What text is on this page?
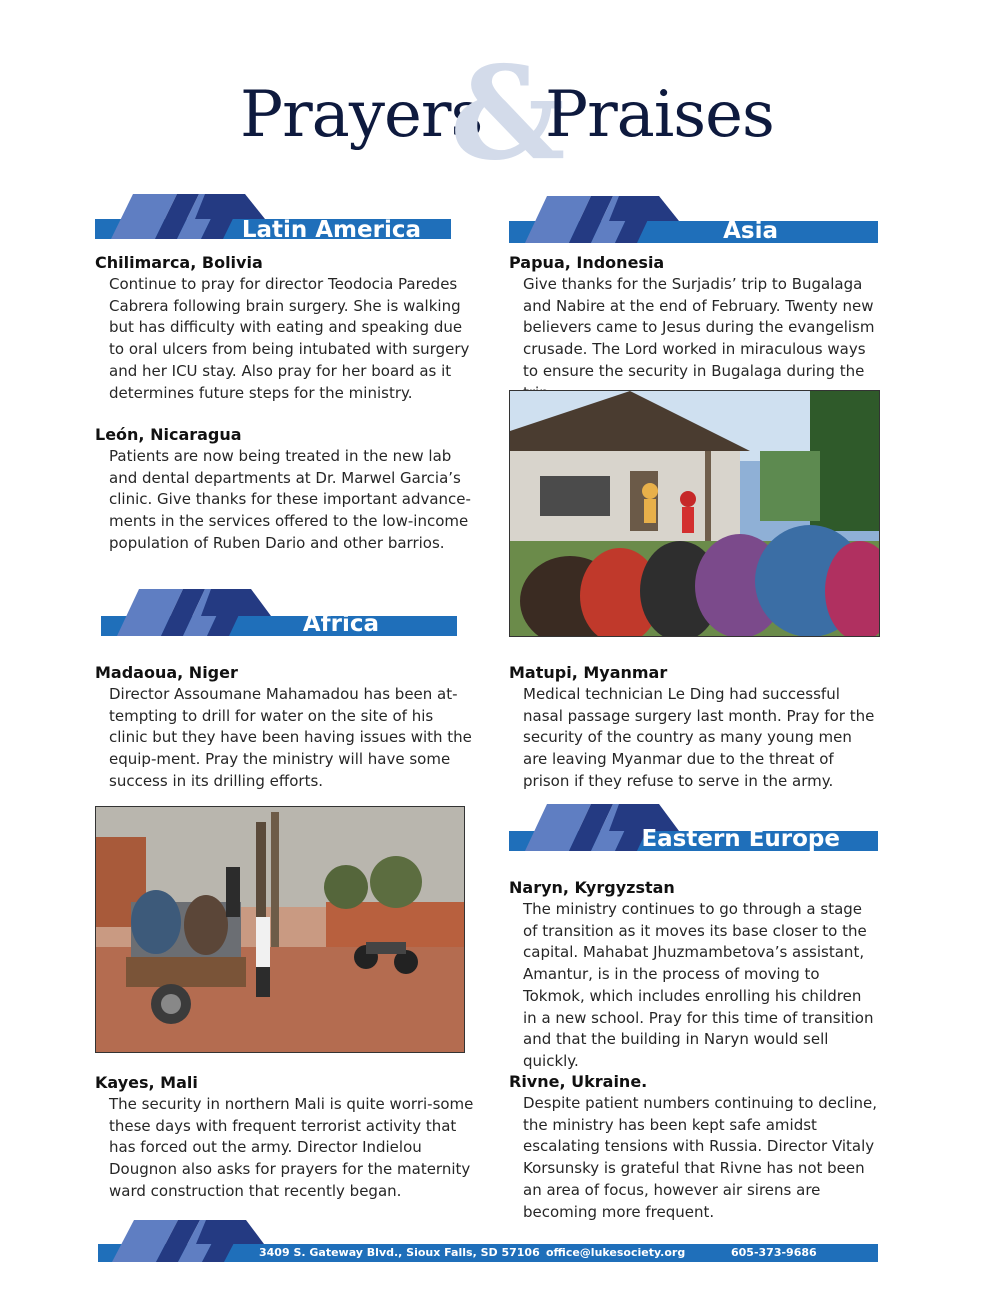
Prayers
&
Praises
Latin America	Asia
Chilimarca, Bolivia

Continue to pray for director Teodocia Paredes Cabrera following brain surgery. She is walking but has difficulty with eating and speaking due to oral ulcers from being intubated with surgery and her ICU stay. Also pray for her board as it determines future steps for the ministry.

León, Nicaragua

Patients are now being treated in the new lab and dental departments at Dr. Marwel Garcia’s clinic. Give thanks for these important advance-ments in the services offered to the low-income population of Ruben Dario and other barrios.

Papua, Indonesia

Give thanks for the Surjadis’ trip to Bugalaga and Nabire at the end of February. Twenty new believers came to Jesus during the evangelism crusade. The Lord worked in miraculous ways to ensure the security in Bugalaga during the

Africa
Madaoua, Niger

Director Assoumane Mahamadou has been at-tempting to drill for water on the site of his clinic but they have been having issues with the equip-ment. Pray the ministry will have some success in its drilling efforts.

Matupi, Myanmar

Medical technician Le Ding had successful nasal passage surgery last month. Pray for the security of the country as many young men are leaving Myanmar due to the threat of prison if they refuse to serve in the army.

Eastern Europe
Naryn, Kyrgyzstan

The ministry continues to go through a stage of transition as it moves its base closer to the capital. Mahabat Jhuzmambetova’s assistant, Amantur, is in the process of moving to Tokmok, which includes enrolling his children in a new school. Pray for this time of transition and that the building in Naryn would sell quickly.

Kayes, Mali

The security in northern Mali is quite worri-some these days with frequent terrorist activity that has forced out the army. Director Indielou Dougnon also asks for prayers for the maternity ward construction that recently began.

Rivne, Ukraine.

Despite patient numbers continuing to decline, the ministry has been kept safe amidst escalating tensions with Russia. Director Vitaly Korsunsky is grateful that Rivne has not been an area of focus, however air sirens are becoming more frequent.

3409 S. Gateway Blvd., Sioux Falls, SD 57106 office@lukesociety.org	605-373-9686
